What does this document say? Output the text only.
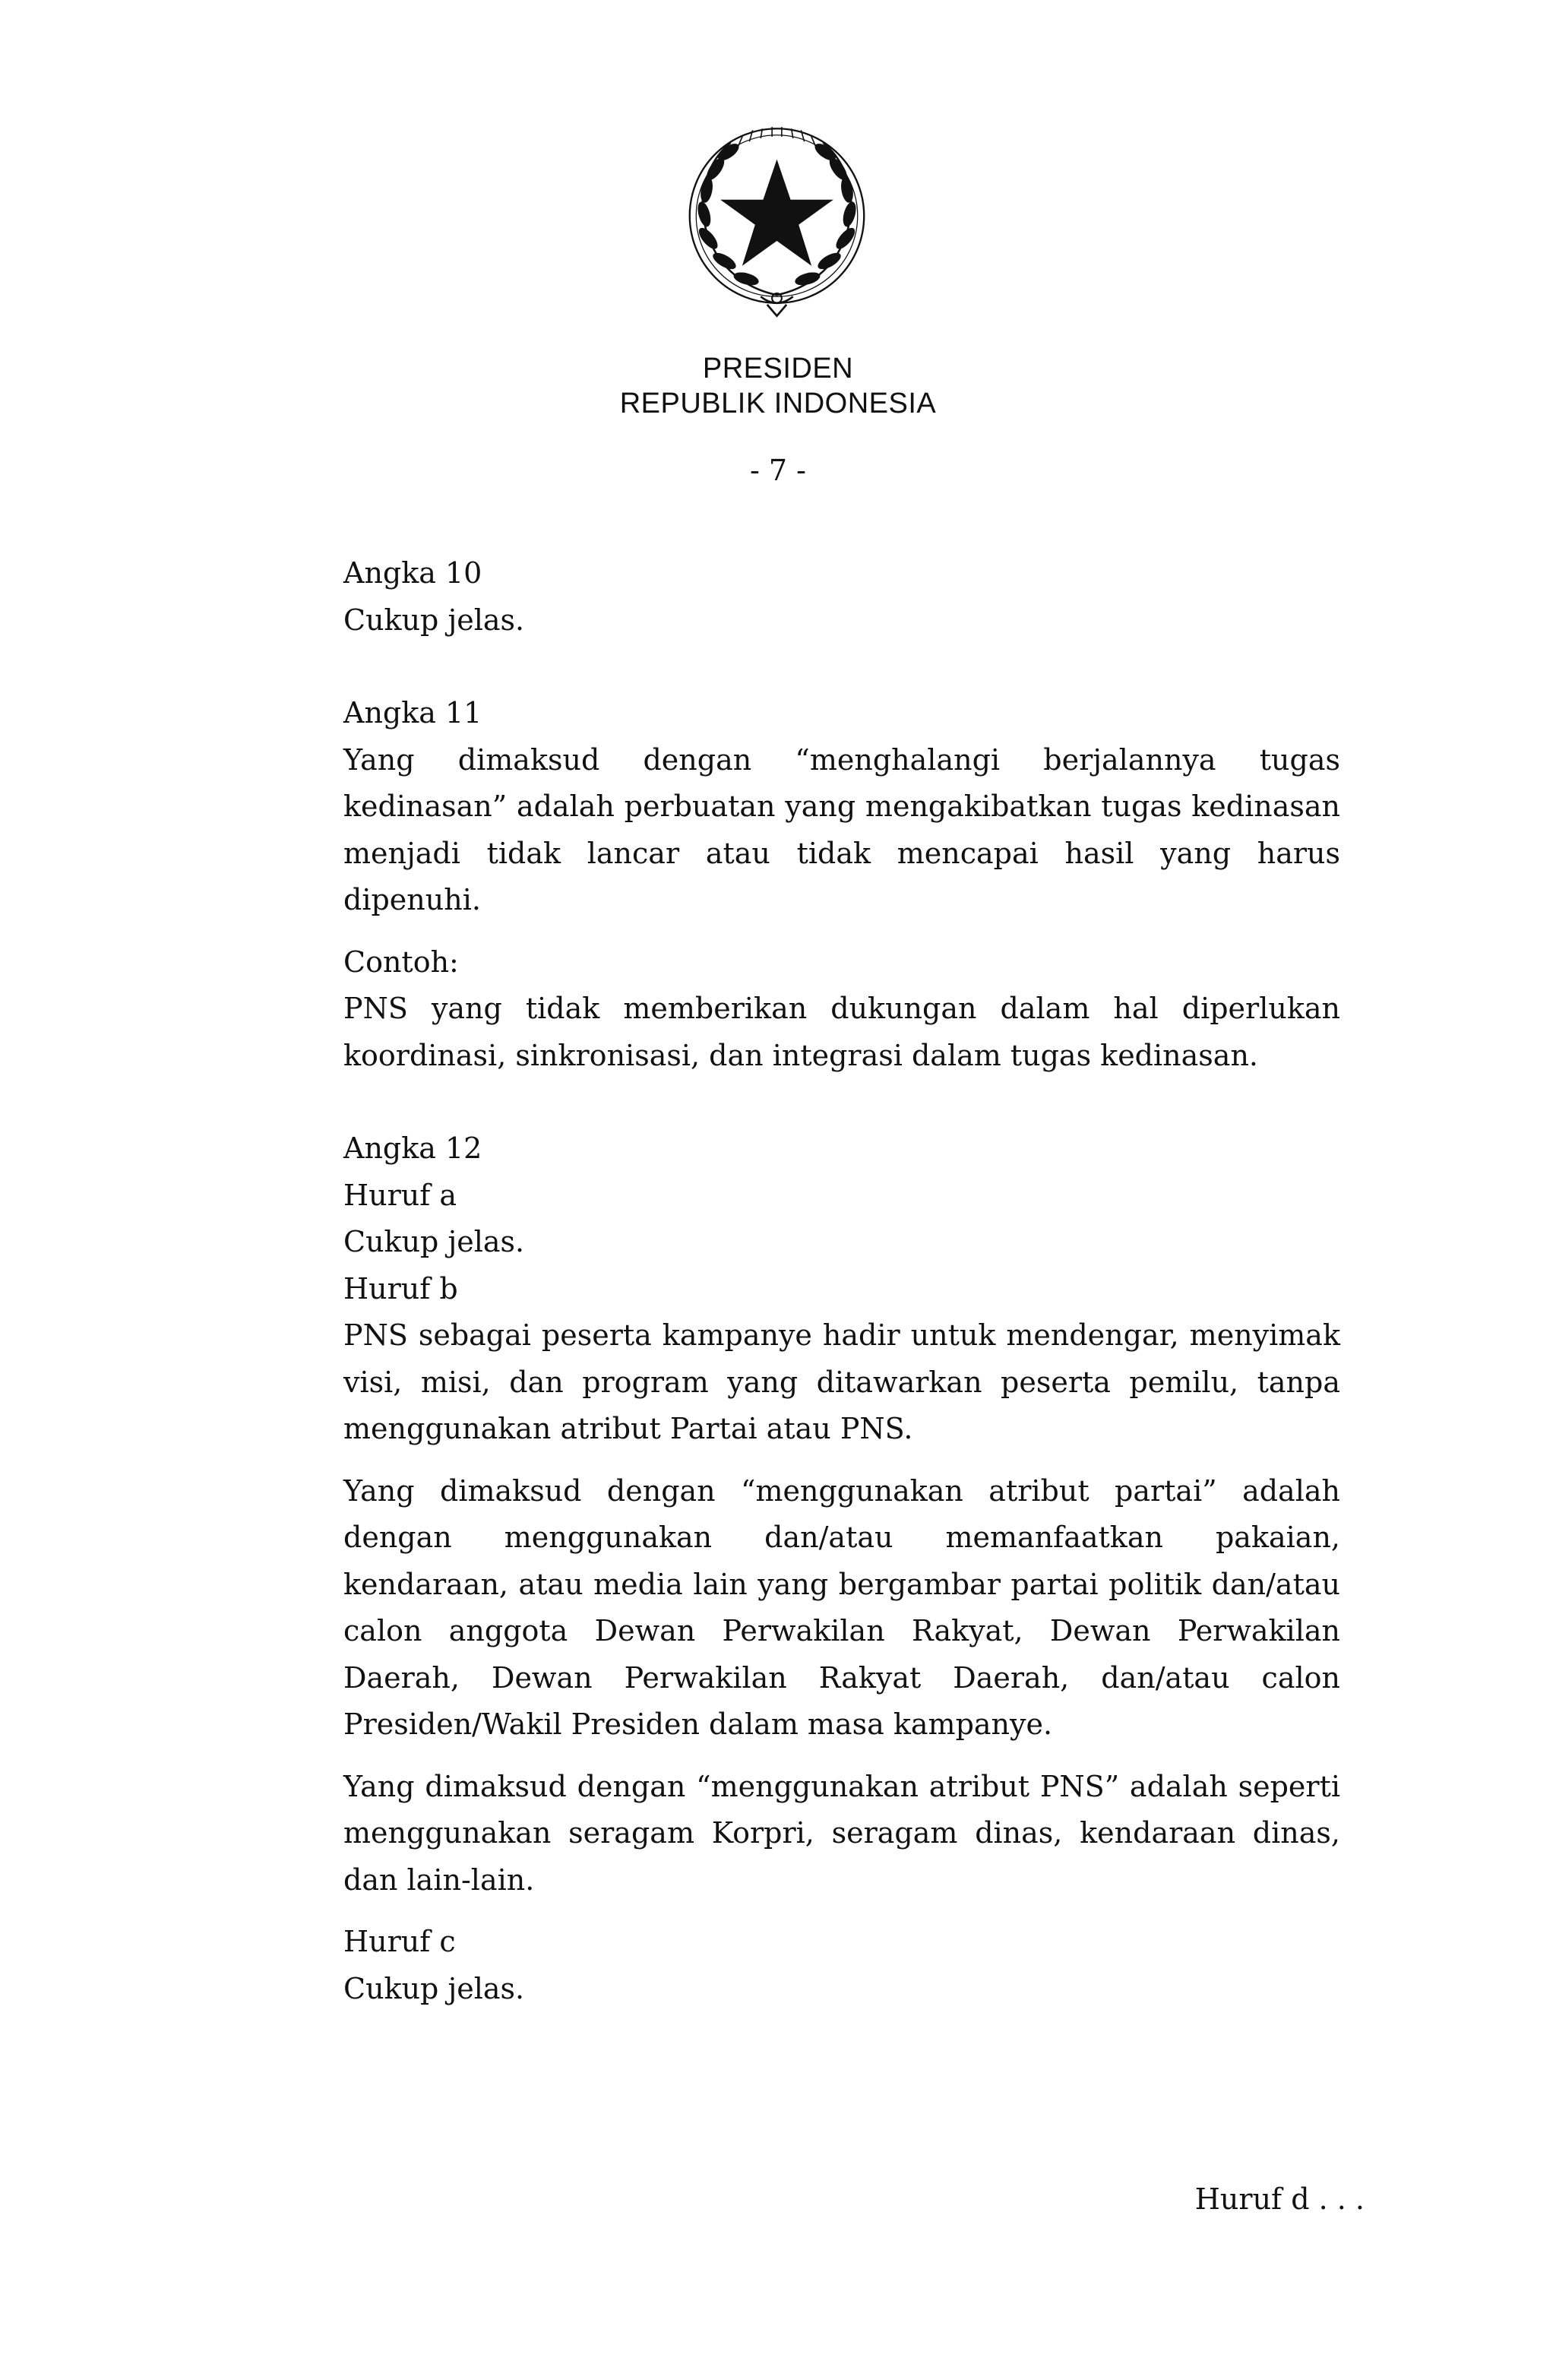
PRESIDEN
REPUBLIK INDONESIA
- 7 -

Angka 10

Cukup jelas.

Angka 11

Yang dimaksud dengan “menghalangi berjalannya tugas kedinasan” adalah perbuatan yang mengakibatkan tugas kedinasan menjadi tidak lancar atau tidak mencapai hasil yang harus dipenuhi.

Contoh:

PNS yang tidak memberikan dukungan dalam hal diperlukan koordinasi, sinkronisasi, dan integrasi dalam tugas kedinasan.

Angka 12

Huruf a

Cukup jelas.

Huruf b

PNS sebagai peserta kampanye hadir untuk mendengar, menyimak visi, misi, dan program yang ditawarkan peserta pemilu, tanpa menggunakan atribut Partai atau PNS.

Yang dimaksud dengan “menggunakan atribut partai” adalah dengan menggunakan dan/atau memanfaatkan pakaian, kendaraan, atau media lain yang bergambar partai politik dan/atau calon anggota Dewan Perwakilan Rakyat, Dewan Perwakilan Daerah, Dewan Perwakilan Rakyat Daerah, dan/atau calon Presiden/Wakil Presiden dalam masa kampanye.

Yang dimaksud dengan “menggunakan atribut PNS” adalah seperti menggunakan seragam Korpri, seragam dinas, kendaraan dinas, dan lain-lain.

Huruf c

Cukup jelas.

Huruf d . . .
